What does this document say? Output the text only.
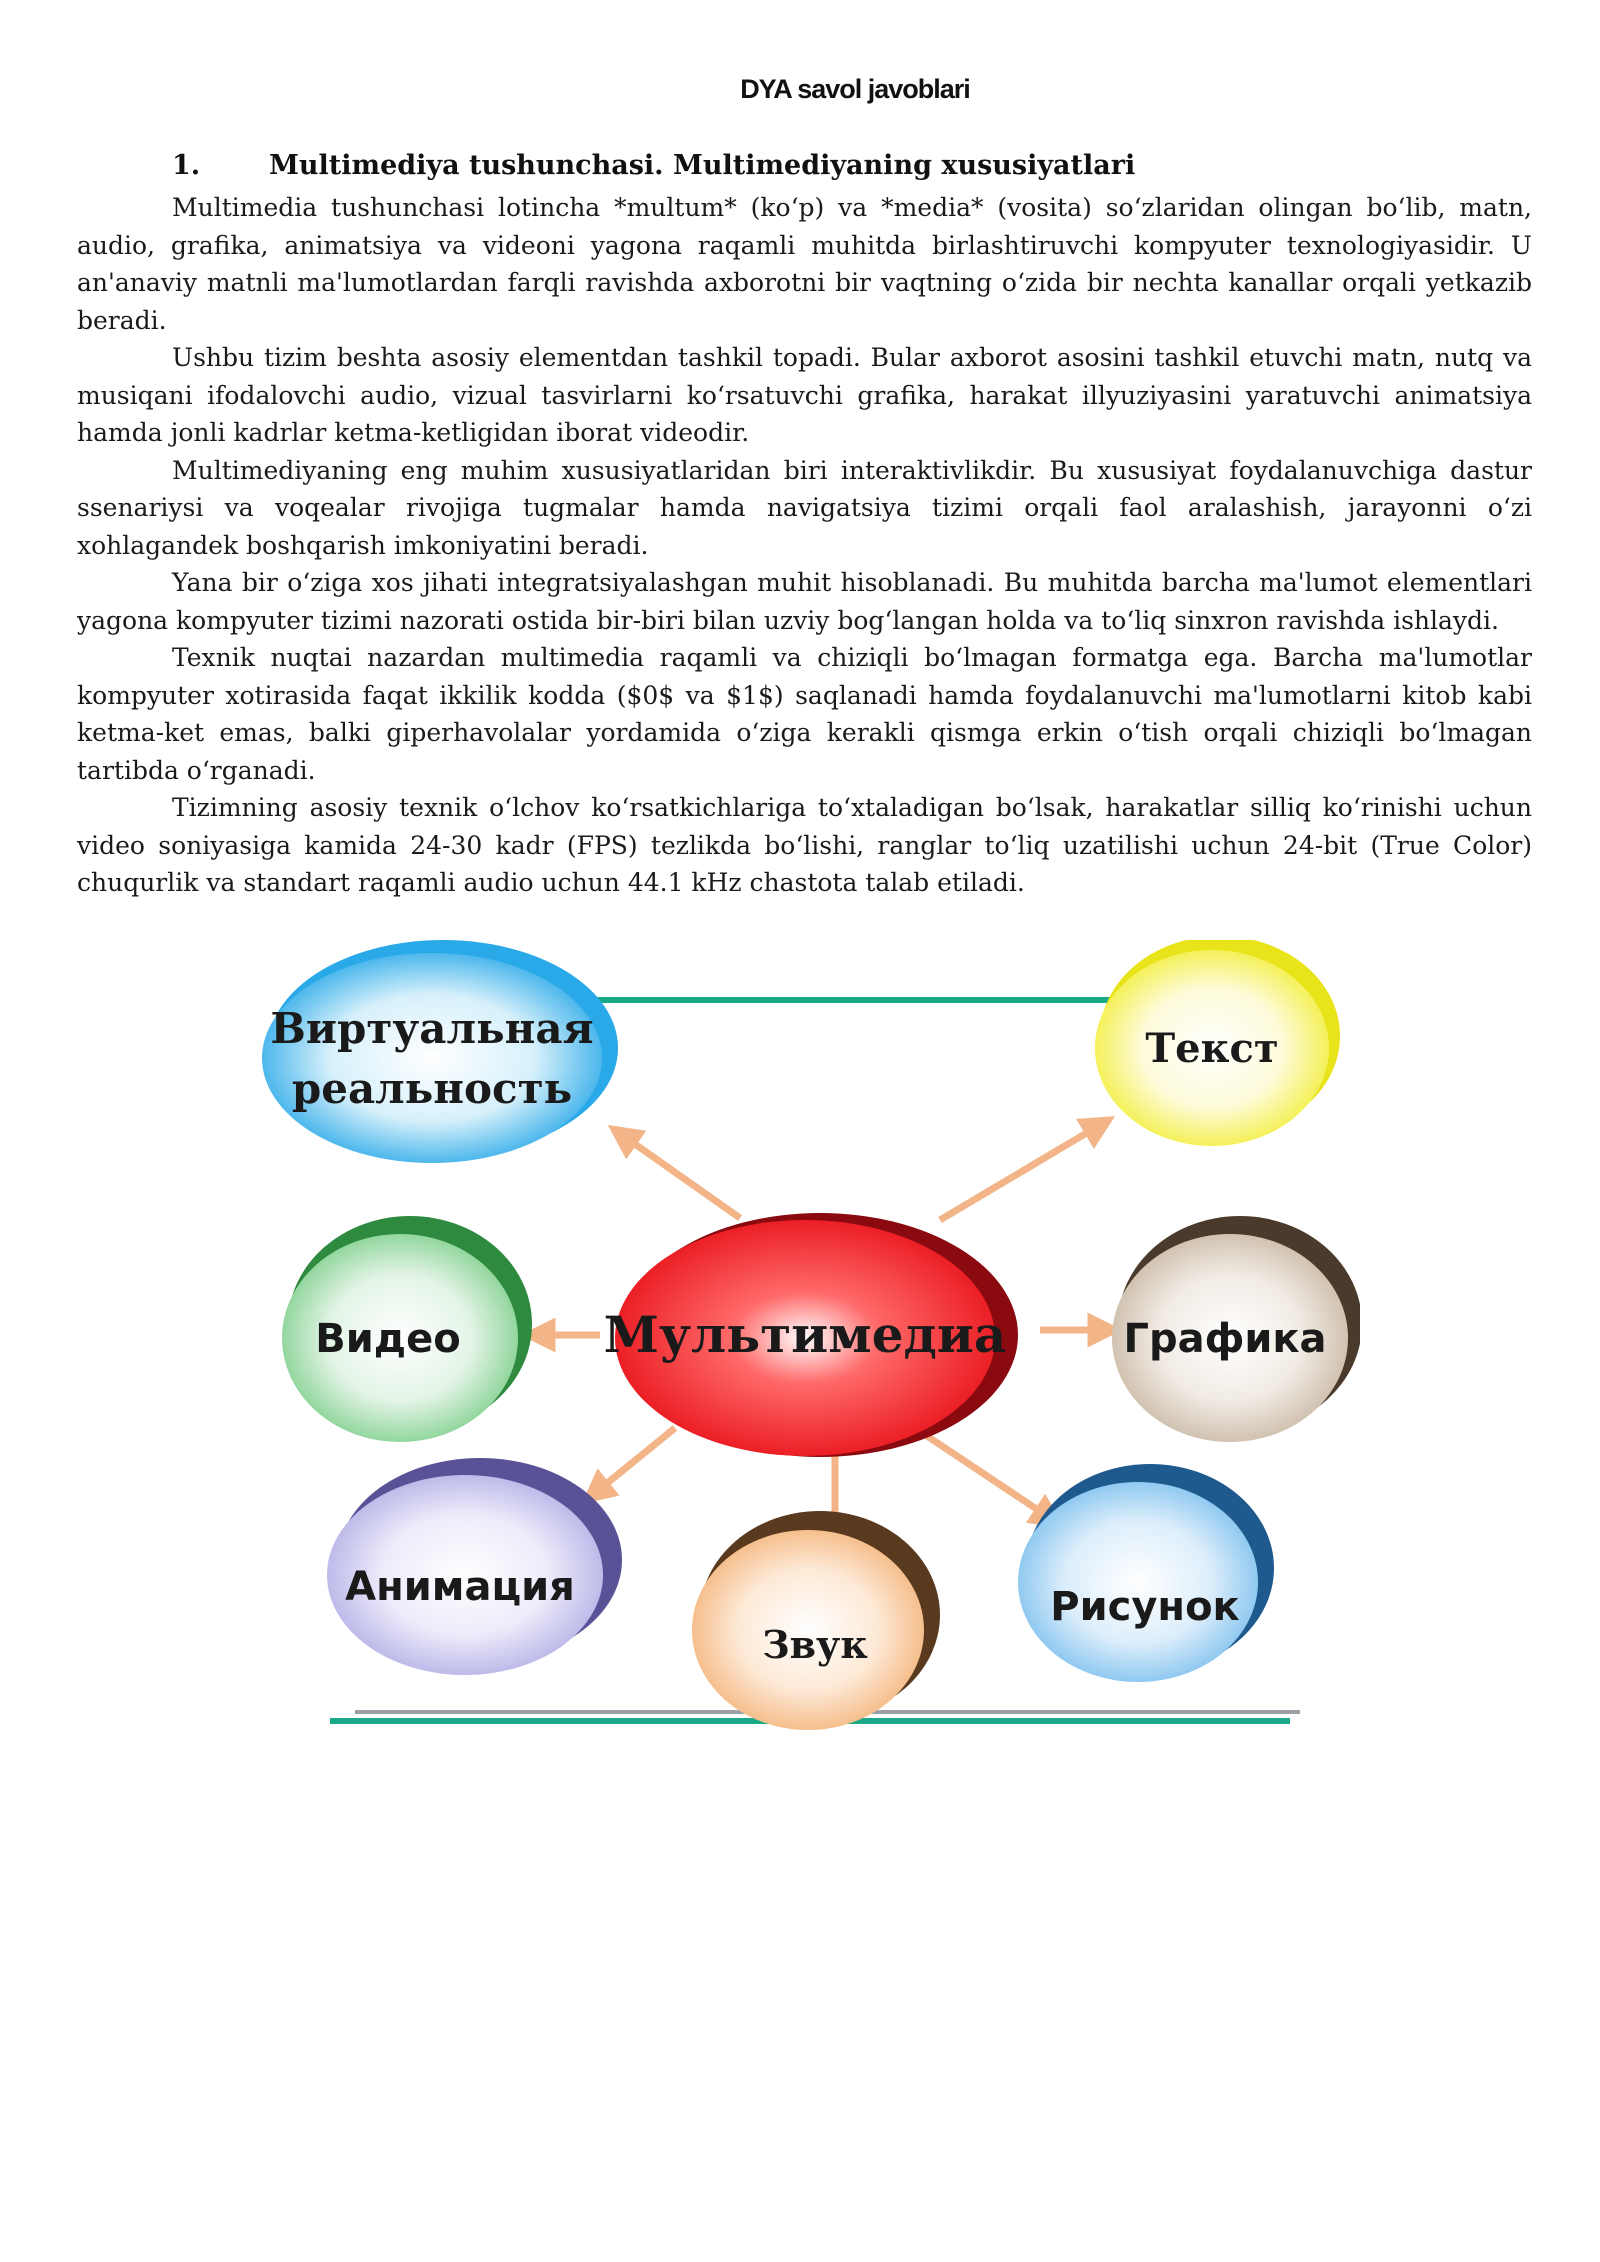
DYA savol javoblari
1.	Multimediya tushunchasi. Multimediyaning xususiyatlari

Multimedia tushunchasi lotincha *multum* (ko‘p) va *media* (vosita) so‘zlaridan olingan bo‘lib, matn, audio, grafika, animatsiya va videoni yagona raqamli muhitda birlashtiruvchi kompyuter texnologiyasidir. U an'anaviy matnli ma'lumotlardan farqli ravishda axborotni bir vaqtning o‘zida bir nechta kanallar orqali yetkazib beradi.

Ushbu tizim beshta asosiy elementdan tashkil topadi. Bular axborot asosini tashkil etuvchi matn, nutq va musiqani ifodalovchi audio, vizual tasvirlarni ko‘rsatuvchi grafika, harakat illyuziyasini yaratuvchi animatsiya hamda jonli kadrlar ketma-ketligidan iborat videodir.

Multimediyaning eng muhim xususiyatlaridan biri interaktivlikdir. Bu xususiyat foydalanuvchiga dastur ssenariysi va voqealar rivojiga tugmalar hamda navigatsiya tizimi orqali faol aralashish, jarayonni o‘zi xohlagandek boshqarish imkoniyatini beradi.

Yana bir o‘ziga xos jihati integratsiyalashgan muhit hisoblanadi. Bu muhitda barcha ma'lumot elementlari yagona kompyuter tizimi nazorati ostida bir-biri bilan uzviy bog‘langan holda va to‘liq sinxron ravishda ishlaydi.

Texnik nuqtai nazardan multimedia raqamli va chiziqli bo‘lmagan formatga ega. Barcha ma'lumotlar kompyuter xotirasida faqat ikkilik kodda ($0$ va $1$) saqlanadi hamda foydalanuvchi ma'lumotlarni kitob kabi ketma-ket emas, balki giperhavolalar yordamida o‘ziga kerakli qismga erkin o‘tish orqali chiziqli bo‘lmagan tartibda o‘rganadi.

Tizimning asosiy texnik o‘lchov ko‘rsatkichlariga to‘xtaladigan bo‘lsak, harakatlar silliq ko‘rinishi uchun video soniyasiga kamida 24-30 kadr (FPS) tezlikda bo‘lishi, ranglar to‘liq uzatilishi uchun 24-bit (True Color) chuqurlik va standart raqamli audio uchun 44.1 kHz chastota talab etiladi.

Мультимедиа
Виртуальная
реальность
Текст
Видео	Графика
Анимация
Звук
Рисунок
